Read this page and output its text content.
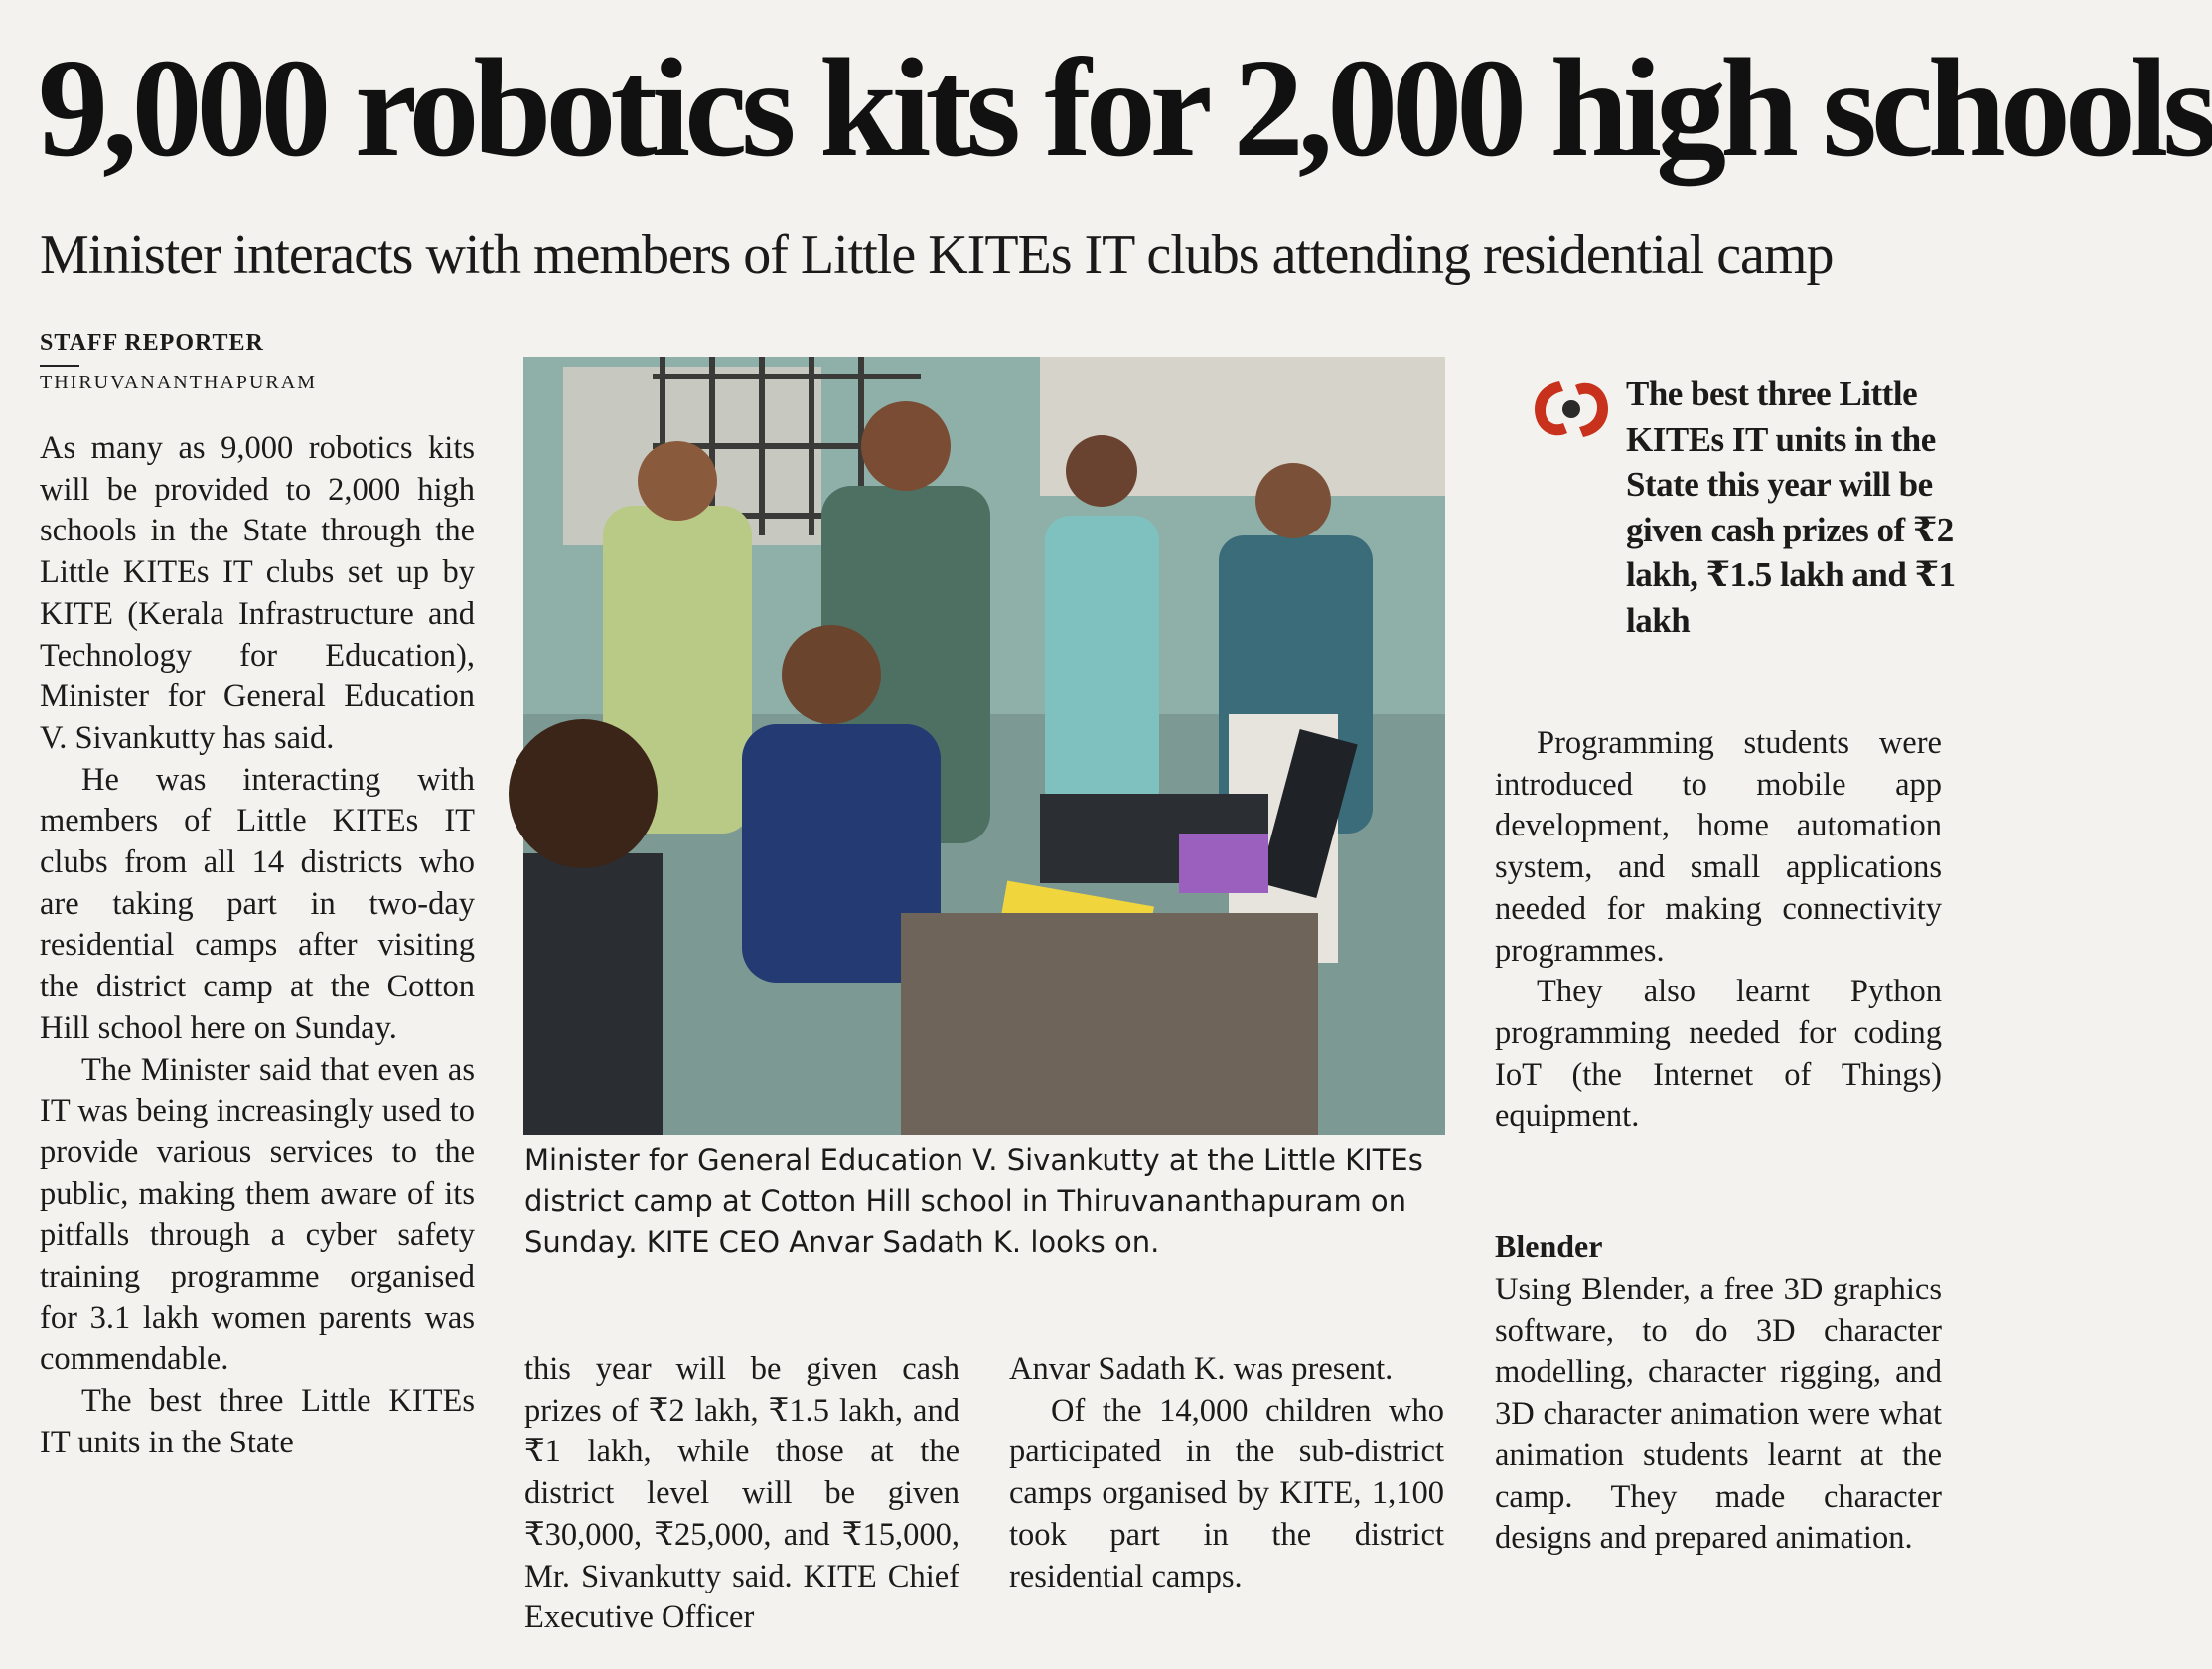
9,000 robotics kits for 2,000 high schools
Minister interacts with members of Little KITEs IT clubs attending residential camp
STAFF REPORTER
THIRUVANANTHAPURAM

As many as 9,000 robotics kits will be provided to 2,000 high schools in the State through the Little KITEs IT clubs set up by KITE (Kerala Infrastructure and Technology for Education), Minister for General Education V. Sivankutty has said.

He was interacting with members of Little KITEs IT clubs from all 14 districts who are taking part in two-day residential camps after visiting the district camp at the Cotton Hill school here on Sunday.

The Minister said that even as IT was being increasingly used to provide various services to the public, making them aware of its pitfalls through a cyber safety training programme organised for 3.1 lakh women parents was commendable.

The best three Little KITEs IT units in the State

Minister for General Education V. Sivankutty at the Little KITEs district camp at Cotton Hill school in Thiruvananthapuram on Sunday. KITE CEO Anvar Sadath K. looks on.

this year will be given cash prizes of ₹2 lakh, ₹1.5 lakh, and ₹1 lakh, while those at the district level will be given ₹30,000, ₹25,000, and ₹15,000, Mr. Sivankutty said. KITE Chief Executive Officer

Anvar Sadath K. was present.

Of the 14,000 children who participated in the sub-district camps organised by KITE, 1,100 took part in the district residential camps.

The best three Little KITEs IT units in the State this year will be given cash prizes of ₹2 lakh, ₹1.5 lakh and ₹1 lakh

Programming students were introduced to mobile app development, home automation system, and small applications needed for making connectivity programmes.

They also learnt Python programming needed for coding IoT (the Internet of Things) equipment.

Blender

Using Blender, a free 3D graphics software, to do 3D character modelling, character rigging, and 3D character animation were what animation students learnt at the camp. They made character designs and prepared animation.
